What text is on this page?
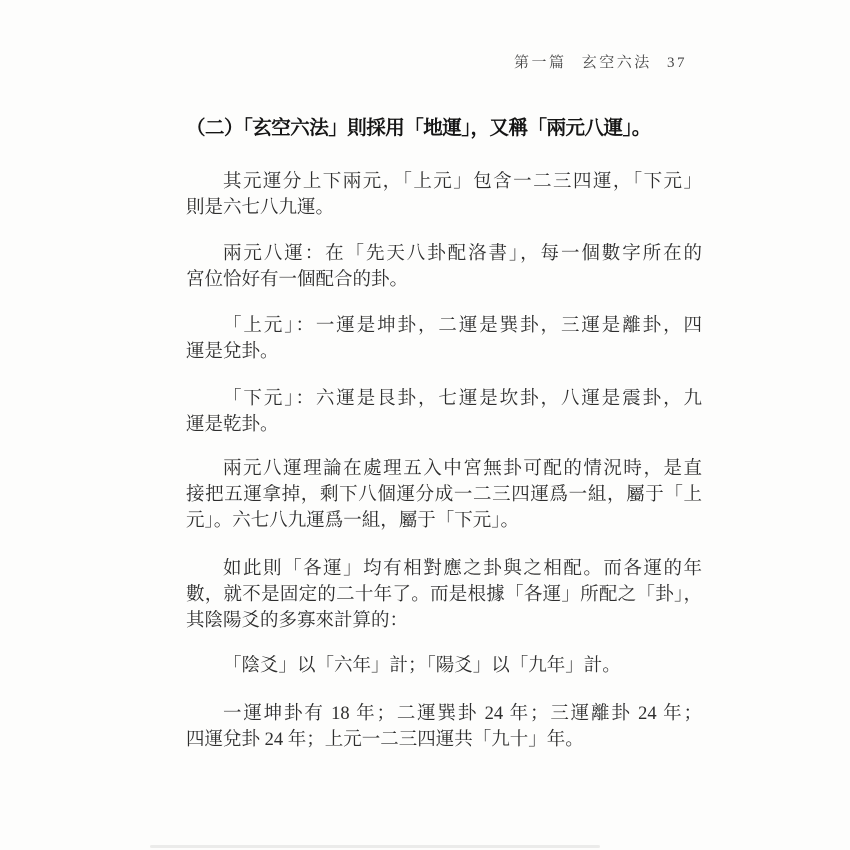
第一篇 玄空六法 37
（二）「玄空六法」則採用「地運」，又稱「兩元八運」。
其元運分上下兩元，「上元」包含一二三四運，「下元」
則是六七八九運。
兩元八運：在「先天八卦配洛書」，每一個數字所在的
宮位恰好有一個配合的卦。
「上元」：一運是坤卦，二運是巽卦，三運是離卦，四
運是兌卦。
「下元」：六運是艮卦，七運是坎卦，八運是震卦，九
運是乾卦。
兩元八運理論在處理五入中宮無卦可配的情況時，是直
接把五運拿掉，剩下八個運分成一二三四運爲一組，屬于「上
元」。六七八九運爲一組，屬于「下元」。
如此則「各運」均有相對應之卦與之相配。而各運的年
數，就不是固定的二十年了。而是根據「各運」所配之「卦」，
其陰陽爻的多寡來計算的：
「陰爻」以「六年」計；「陽爻」以「九年」計。
一運坤卦有 18 年；二運巽卦 24 年；三運離卦 24 年；
四運兌卦 24 年；上元一二三四運共「九十」年。
